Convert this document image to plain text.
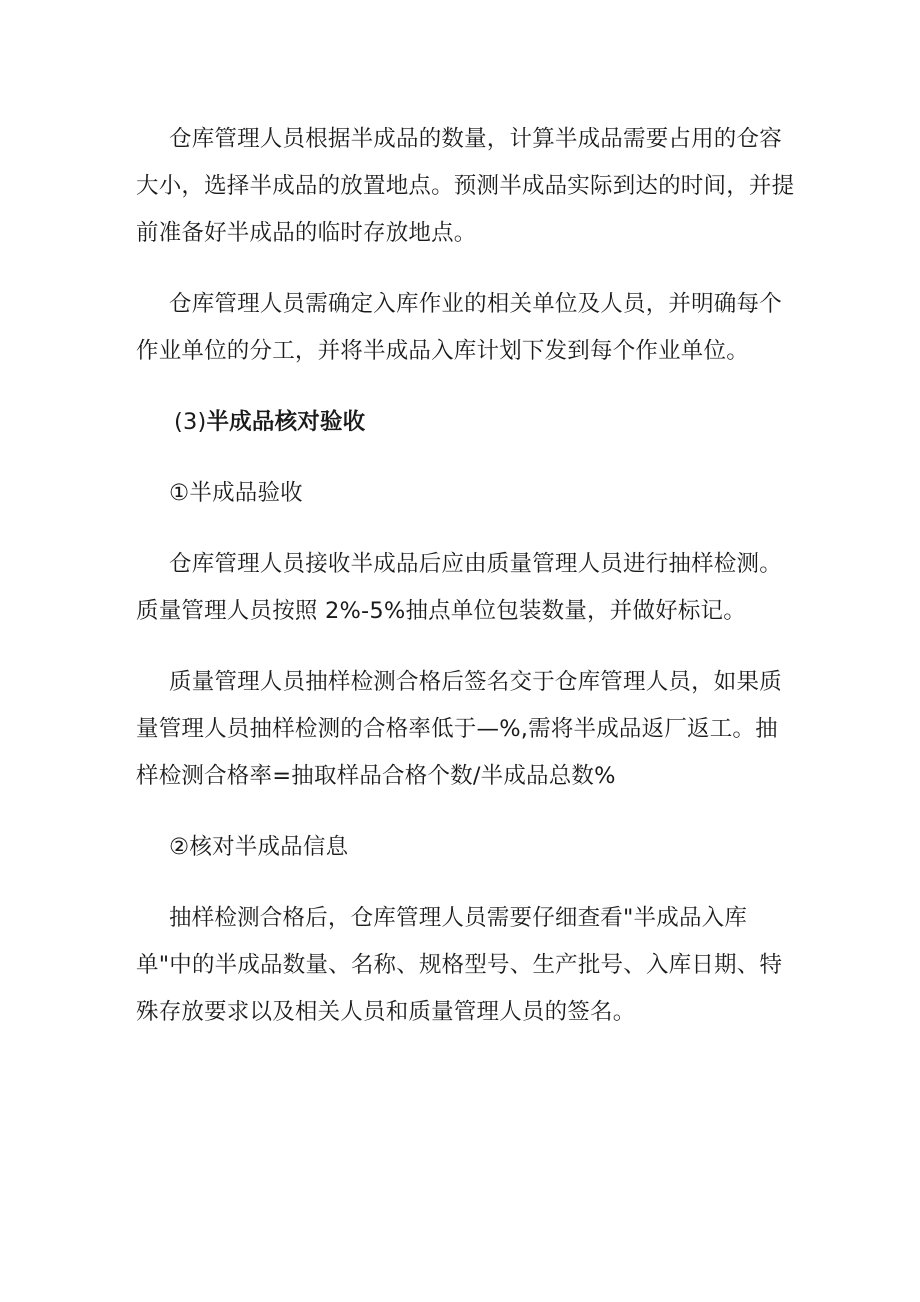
仓库管理人员根据半成品的数量，计算半成品需要占用的仓容大小，选择半成品的放置地点。预测半成品实际到达的时间，并提前准备好半成品的临时存放地点。

仓库管理人员需确定入库作业的相关单位及人员，并明确每个作业单位的分工，并将半成品入库计划下发到每个作业单位。

(3)半成品核对验收

①半成品验收

仓库管理人员接收半成品后应由质量管理人员进行抽样检测。质量管理人员按照 2%-5%抽点单位包装数量，并做好标记。

质量管理人员抽样检测合格后签名交于仓库管理人员，如果质量管理人员抽样检测的合格率低于—%,需将半成品返厂返工。抽样检测合格率=抽取样品合格个数/半成品总数%

②核对半成品信息

抽样检测合格后，仓库管理人员需要仔细查看"半成品入库单"中的半成品数量、名称、规格型号、生产批号、入库日期、特殊存放要求以及相关人员和质量管理人员的签名。
